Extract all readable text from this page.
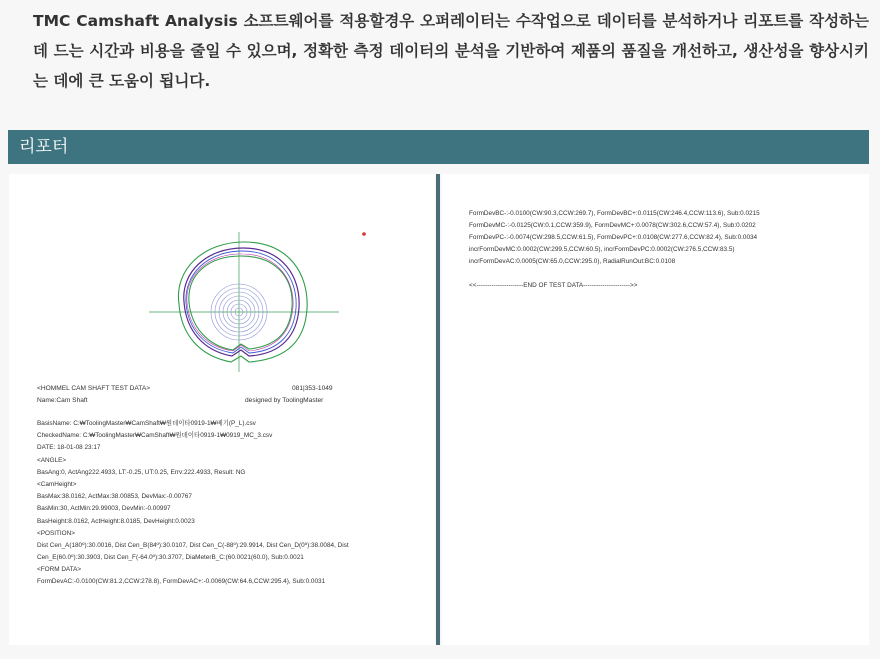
TMC Camshaft Analysis 소프트웨어를 적용할경우 오퍼레이터는 수작업으로 데이터를 분석하거나 리포트를 작성하는 데 드는 시간과 비용을 줄일 수 있으며, 정확한 측정 데이터의 분석을 기반하여 제품의 품질을 개선하고, 생산성을 향상시키는 데에 큰 도움이 됩니다.
리포터
<HOMMEL CAM SHAFT TEST DATA>	081|353-1049
Name:Cam Shaft	designed by ToolingMaster
BasisName: C:₩ToolingMaster₩CamShaft₩원데이타0919-1₩베기(P_L).csv
CheckedName: C:₩ToolingMaster₩CamShaft₩원데이타0919-1₩0919_MC_3.csv
DATE: 18-01-08 23:17
<ANGLE>
BasAng:0, ActAng222.4933, LT:-0.25, UT:0.25, Errv:222.4933, Result: NG
<CamHeight>
BasMax:38.0162, ActMax:38.00853, DevMax:-0.00767
BasMin:30, ActMin:29.99003, DevMin:-0.00997
BasHeight:8.0162, ActHeight:8.0185, DevHeight:0.0023
<POSITION>
Dist Cen_A(180º):30.0016, Dist Cen_B(84º):30.0107, Dist Cen_C(-88º):29.9914, Dist Cen_D(0º):38.0084, Dist
Cen_E(60.0º):30.3903, Dist Cen_F(-64.0º):30.3707, DiaMeterB_C:(60.0021(60.0), Sub:0.0021
<FORM DATA>
FormDevAC:-0.0100(CW:81.2,CCW:278.8), FormDevAC+:-0.0069(CW:64.6,CCW:295.4), Sub:0.0031
FormDevBC-:-0.0100(CW:90.3,CCW:269.7), FormDevBC+:0.0115(CW:246.4,CCW:113.6), Sub:0.0215
FormDevMC-:-0.0125(CW:0.1,CCW:359.9), FormDevMC+:0.0078(CW:302.6,CCW:57.4), Sub:0.0202
FormDevPC-:-0.0074(CW:298.5,CCW:61.5), FormDevPC+:0.0108(CW:277.6,CCW:82.4), Sub:0.0034
incrFormDevMC:0.0002(CW:299.5,CCW:60.5), incrFormDevPC:0.0002(CW:276.5,CCW:83.5)
incrFormDevAC:0.0005(CW:65.0,CCW:295.0), RadialRunOut:BC:0.0108
<<----------------------END OF TEST DATA---------------------->>
